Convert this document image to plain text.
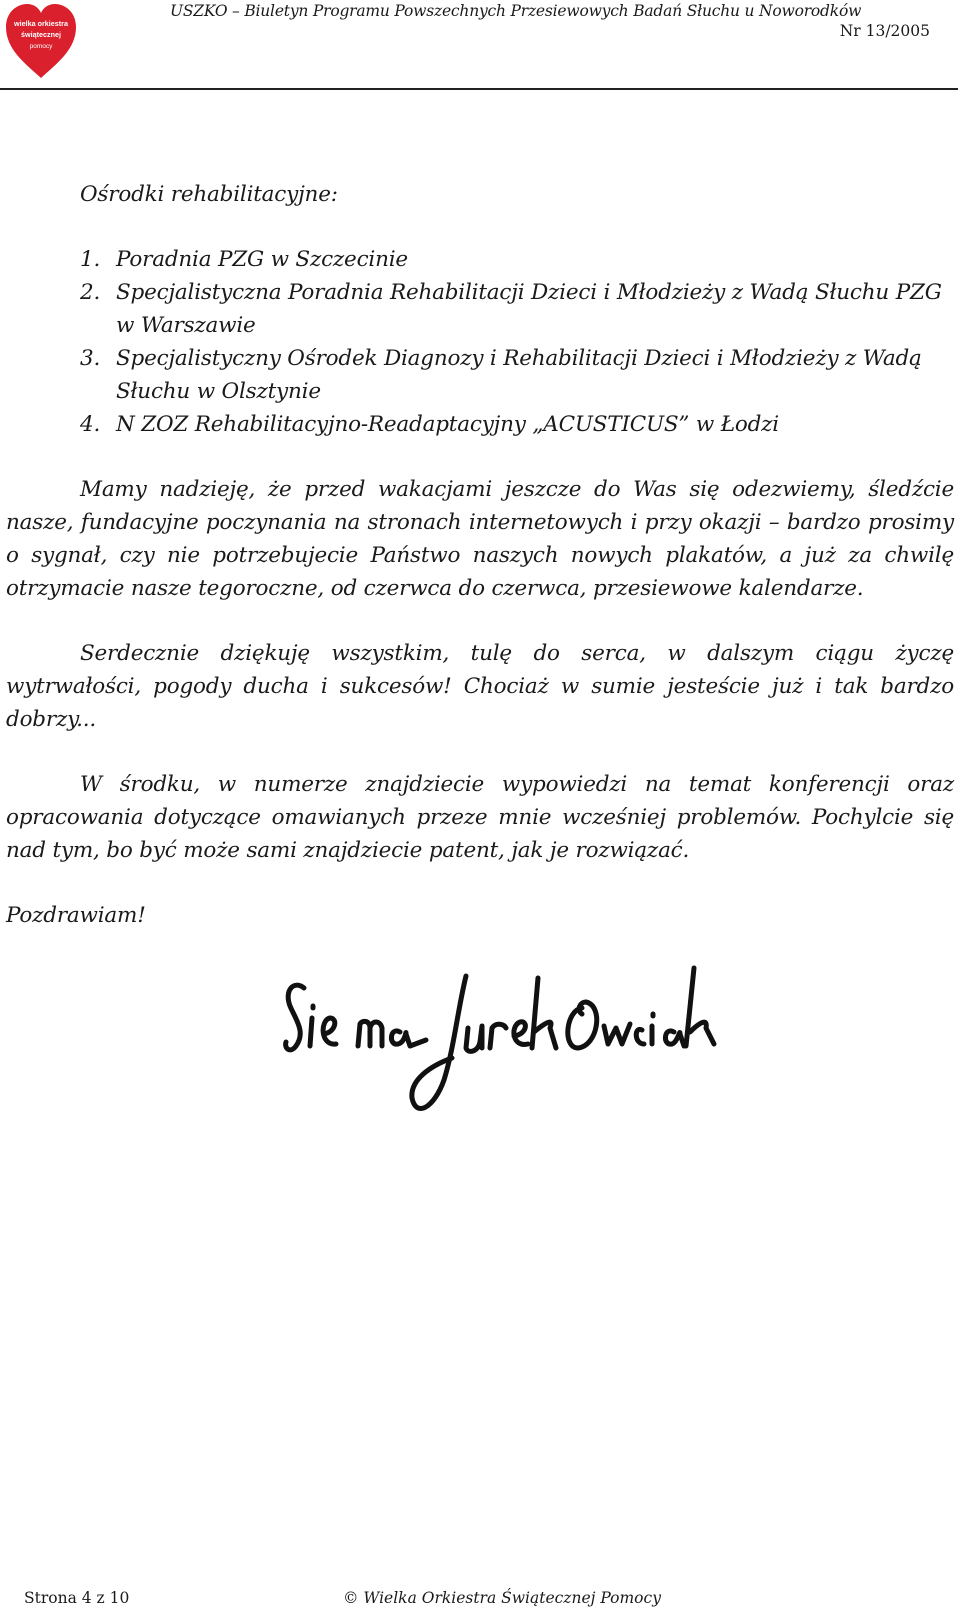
wielka orkiestra
świątecznej
pomocy
USZKO – Biuletyn Programu Powszechnych Przesiewowych Badań Słuchu u Noworodków
Nr 13/2005

Ośrodki rehabilitacyjne:

1. Poradnia PZG w Szczecinie
2. Specjalistyczna Poradnia Rehabilitacji Dzieci i Młodzieży z Wadą Słuchu PZG w Warszawie
3. Specjalistyczny Ośrodek Diagnozy i Rehabilitacji Dzieci i Młodzieży z Wadą Słuchu w Olsztynie
4. N ZOZ Rehabilitacyjno-Readaptacyjny „ACUSTICUS” w Łodzi

Mamy nadzieję, że przed wakacjami jeszcze do Was się odezwiemy, śledźcie nasze, fundacyjne poczynania na stronach internetowych i przy okazji – bardzo prosimy o sygnał, czy nie potrzebujecie Państwo naszych nowych plakatów, a już za chwilę otrzymacie nasze tegoroczne, od czerwca do czerwca, przesiewowe kalendarze.

Serdecznie dziękuję wszystkim, tulę do serca, w dalszym ciągu życzę wytrwałości, pogody ducha i sukcesów! Chociaż w sumie jesteście już i tak bardzo dobrzy...

W środku, w numerze znajdziecie wypowiedzi na temat konferencji oraz opracowania dotyczące omawianych przeze mnie wcześniej problemów. Pochylcie się nad tym, bo być może sami znajdziecie patent, jak je rozwiązać.

Pozdrawiam!

Strona 4 z 10	© Wielka Orkiestra Świątecznej Pomocy
